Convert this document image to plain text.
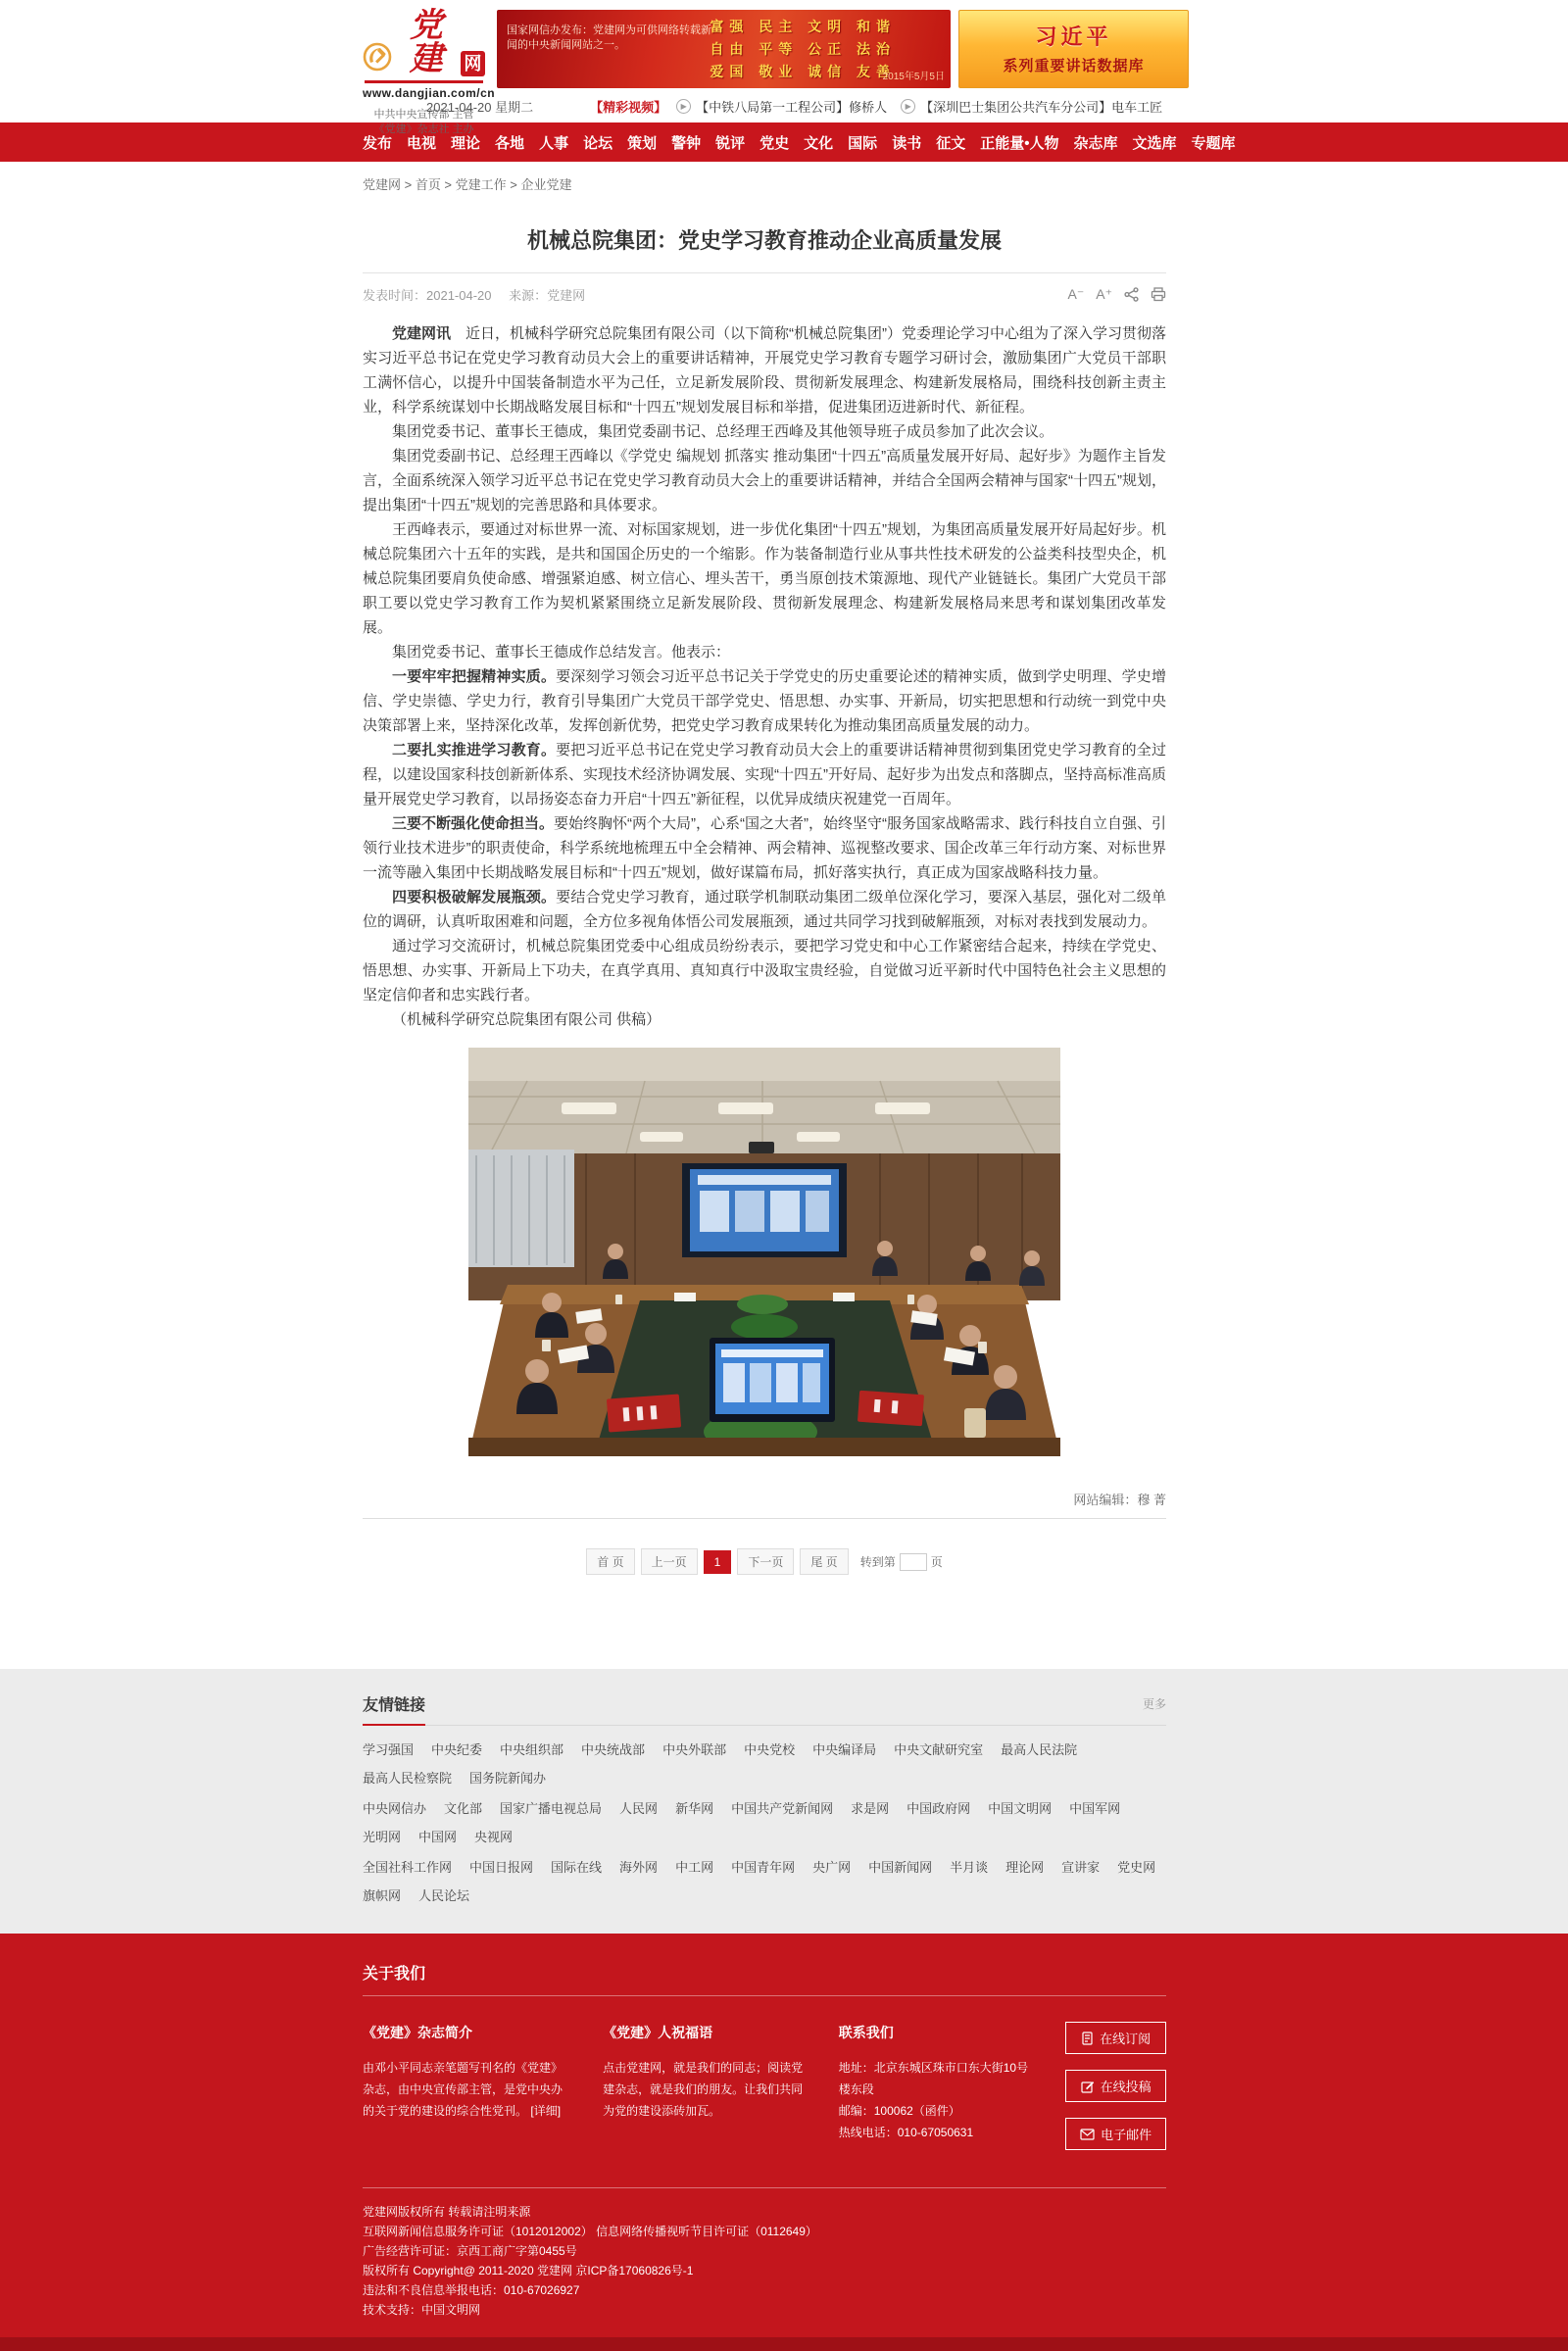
党建	网
www.dangjian.com/cn
中共中央宣传部 主管
《党建》杂志社 主办
国家网信办发布：党建网为可供网络转载新闻的中央新闻网站之一。
富强 民主 文明 和谐
自由 平等 公正 法治
爱国 敬业 诚信 友善
2015年5月5日
习近平
系列重要讲话数据库
2021-04-20 星期二	【精彩视频】	▶ 【中铁八局第一工程公司】修桥人	▶ 【深圳巴士集团公共汽车分公司】电车工匠
发布 电视 理论 各地 人事 论坛 策划 警钟 锐评 党史 文化 国际 读书 征文 正能量•人物 杂志库 文选库 专题库
党建网 > 首页 > 党建工作 > 企业党建
机械总院集团：党史学习教育推动企业高质量发展
发表时间：2021-04-20 来源：党建网	A⁻ A⁺

党建网讯　近日，机械科学研究总院集团有限公司（以下简称“机械总院集团”）党委理论学习中心组为了深入学习贯彻落实习近平总书记在党史学习教育动员大会上的重要讲话精神，开展党史学习教育专题学习研讨会，激励集团广大党员干部职工满怀信心，以提升中国装备制造水平为己任，立足新发展阶段、贯彻新发展理念、构建新发展格局，围绕科技创新主责主业，科学系统谋划中长期战略发展目标和“十四五”规划发展目标和举措，促进集团迈进新时代、新征程。

集团党委书记、董事长王德成，集团党委副书记、总经理王西峰及其他领导班子成员参加了此次会议。

集团党委副书记、总经理王西峰以《学党史 编规划 抓落实 推动集团“十四五”高质量发展开好局、起好步》为题作主旨发言，全面系统深入领学习近平总书记在党史学习教育动员大会上的重要讲话精神，并结合全国两会精神与国家“十四五”规划，提出集团“十四五”规划的完善思路和具体要求。

王西峰表示，要通过对标世界一流、对标国家规划，进一步优化集团“十四五”规划，为集团高质量发展开好局起好步。机械总院集团六十五年的实践，是共和国国企历史的一个缩影。作为装备制造行业从事共性技术研发的公益类科技型央企，机械总院集团要肩负使命感、增强紧迫感、树立信心、埋头苦干，勇当原创技术策源地、现代产业链链长。集团广大党员干部职工要以党史学习教育工作为契机紧紧围绕立足新发展阶段、贯彻新发展理念、构建新发展格局来思考和谋划集团改革发展。

集团党委书记、董事长王德成作总结发言。他表示：

一要牢牢把握精神实质。要深刻学习领会习近平总书记关于学党史的历史重要论述的精神实质，做到学史明理、学史增信、学史崇德、学史力行，教育引导集团广大党员干部学党史、悟思想、办实事、开新局，切实把思想和行动统一到党中央决策部署上来，坚持深化改革，发挥创新优势，把党史学习教育成果转化为推动集团高质量发展的动力。

二要扎实推进学习教育。要把习近平总书记在党史学习教育动员大会上的重要讲话精神贯彻到集团党史学习教育的全过程，以建设国家科技创新新体系、实现技术经济协调发展、实现“十四五”开好局、起好步为出发点和落脚点，坚持高标准高质量开展党史学习教育，以昂扬姿态奋力开启“十四五”新征程，以优异成绩庆祝建党一百周年。

三要不断强化使命担当。要始终胸怀“两个大局”，心系“国之大者”，始终坚守“服务国家战略需求、践行科技自立自强、引领行业技术进步”的职责使命，科学系统地梳理五中全会精神、两会精神、巡视整改要求、国企改革三年行动方案、对标世界一流等融入集团中长期战略发展目标和“十四五”规划，做好谋篇布局，抓好落实执行，真正成为国家战略科技力量。

四要积极破解发展瓶颈。要结合党史学习教育，通过联学机制联动集团二级单位深化学习，要深入基层，强化对二级单位的调研，认真听取困难和问题，全方位多视角体悟公司发展瓶颈，通过共同学习找到破解瓶颈，对标对表找到发展动力。

通过学习交流研讨，机械总院集团党委中心组成员纷纷表示，要把学习党史和中心工作紧密结合起来，持续在学党史、悟思想、办实事、开新局上下功夫，在真学真用、真知真行中汲取宝贵经验，自觉做习近平新时代中国特色社会主义思想的坚定信仰者和忠实践行者。

（机械科学研究总院集团有限公司 供稿）

网站编辑：穆 菁
首 页	上一页	1	下一页	尾 页	转到第	页
友情链接	更多
学习强国 中央纪委 中央组织部 中央统战部 中央外联部 中央党校 中央编译局 中央文献研究室 最高人民法院
最高人民检察院 国务院新闻办
中央网信办 文化部 国家广播电视总局 人民网 新华网 中国共产党新闻网 求是网 中国政府网 中国文明网 中国军网
光明网 中国网 央视网
全国社科工作网 中国日报网 国际在线 海外网 中工网 中国青年网 央广网 中国新闻网 半月谈 理论网 宣讲家 党史网
旗帜网 人民论坛
关于我们
《党建》杂志简介
由邓小平同志亲笔题写刊名的《党建》杂志，由中央宣传部主管，是党中央办的关于党的建设的综合性党刊。 [详细]
《党建》人祝福语
点击党建网，就是我们的同志；阅读党建杂志，就是我们的朋友。让我们共同为党的建设添砖加瓦。
联系我们
地址：北京东城区珠市口东大街10号楼东段
邮编：100062（函件）
热线电话：010-67050631
在线订阅
在线投稿
电子邮件
党建网版权所有 转载请注明来源
互联网新闻信息服务许可证（1012012002） 信息网络传播视听节目许可证（0112649）
广告经营许可证：京西工商广字第0455号
版权所有 Copyright@ 2011-2020 党建网 京ICP备17060826号-1
违法和不良信息举报电话：010-67026927
技术支持：中国文明网
